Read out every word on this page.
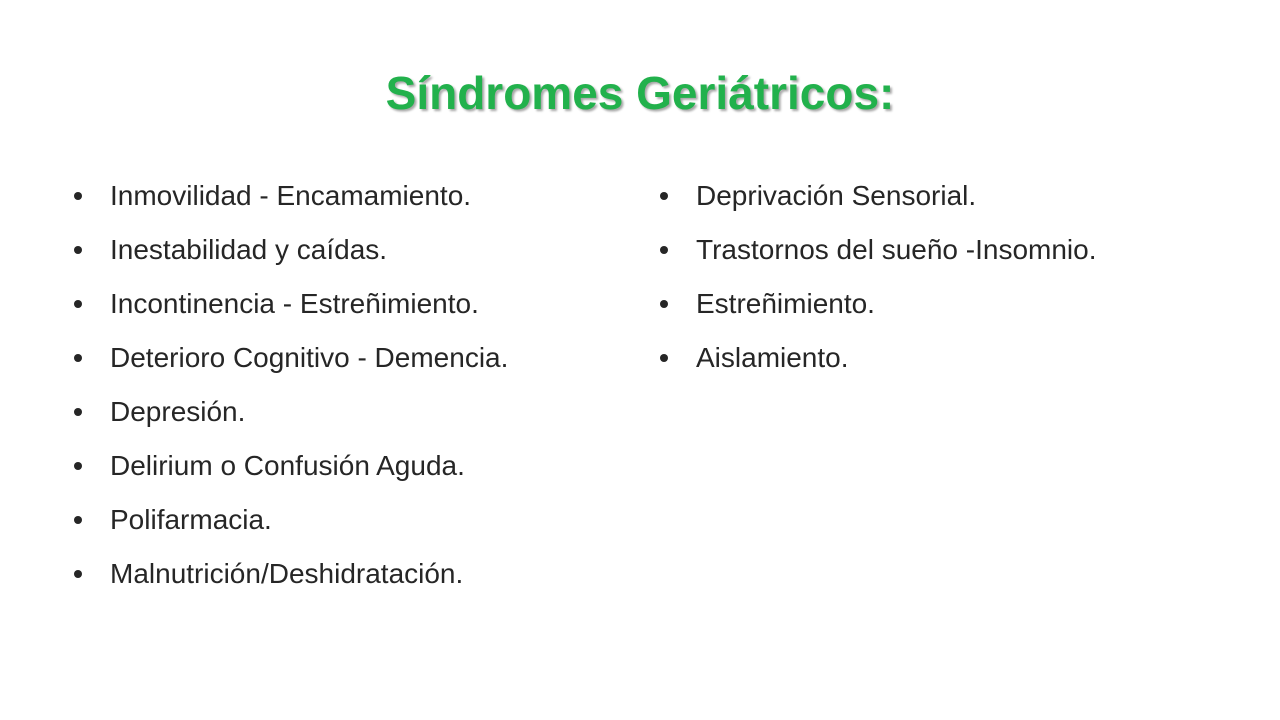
Síndromes Geriátricos:
Inmovilidad - Encamamiento.
Inestabilidad y caídas.
Incontinencia - Estreñimiento.
Deterioro Cognitivo - Demencia.
Depresión.
Delirium o Confusión Aguda.
Polifarmacia.
Malnutrición/Deshidratación.
Deprivación Sensorial.
Trastornos del sueño -Insomnio.
Estreñimiento.
Aislamiento.
